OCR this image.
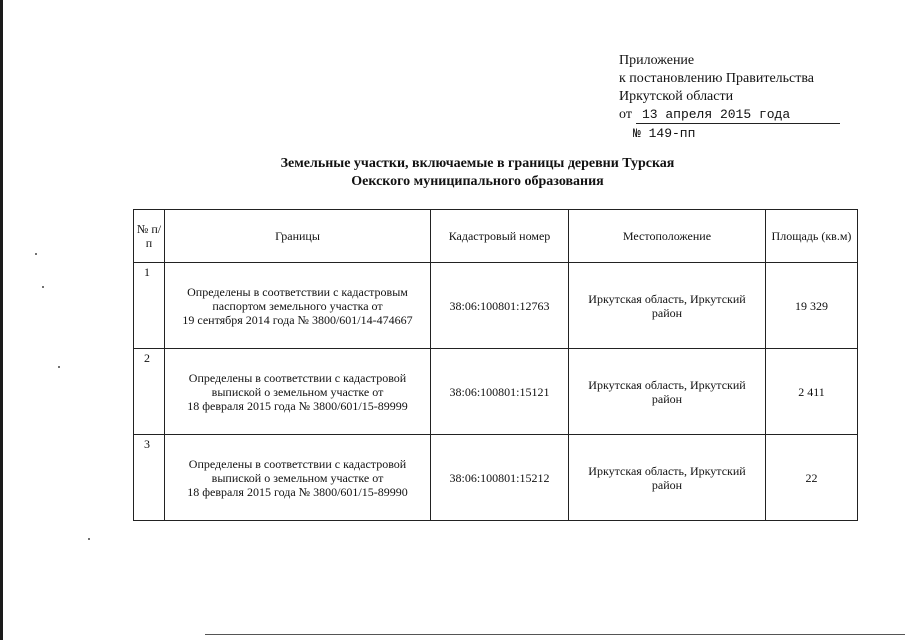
Приложение
к постановлению Правительства
Иркутской области
от 13 апреля 2015 года
№ 149-пп
Земельные участки, включаемые в границы деревни Турская
Оекского муниципального образования
№ п/п	Границы	Кадастровый номер	Местоположение	Площадь (кв.м)
1	Определены в соответствии с кадастровым
паспортом земельного участка от
19 сентября 2014 года № 3800/601/14-474667	38:06:100801:12763	Иркутская область, Иркутский
район	19 329
2	Определены в соответствии с кадастровой
выпиской о земельном участке от
18 февраля 2015 года № 3800/601/15-89999	38:06:100801:15121	Иркутская область, Иркутский
район	2 411
3	Определены в соответствии с кадастровой
выпиской о земельном участке от
18 февраля 2015 года № 3800/601/15-89990	38:06:100801:15212	Иркутская область, Иркутский
район	22
